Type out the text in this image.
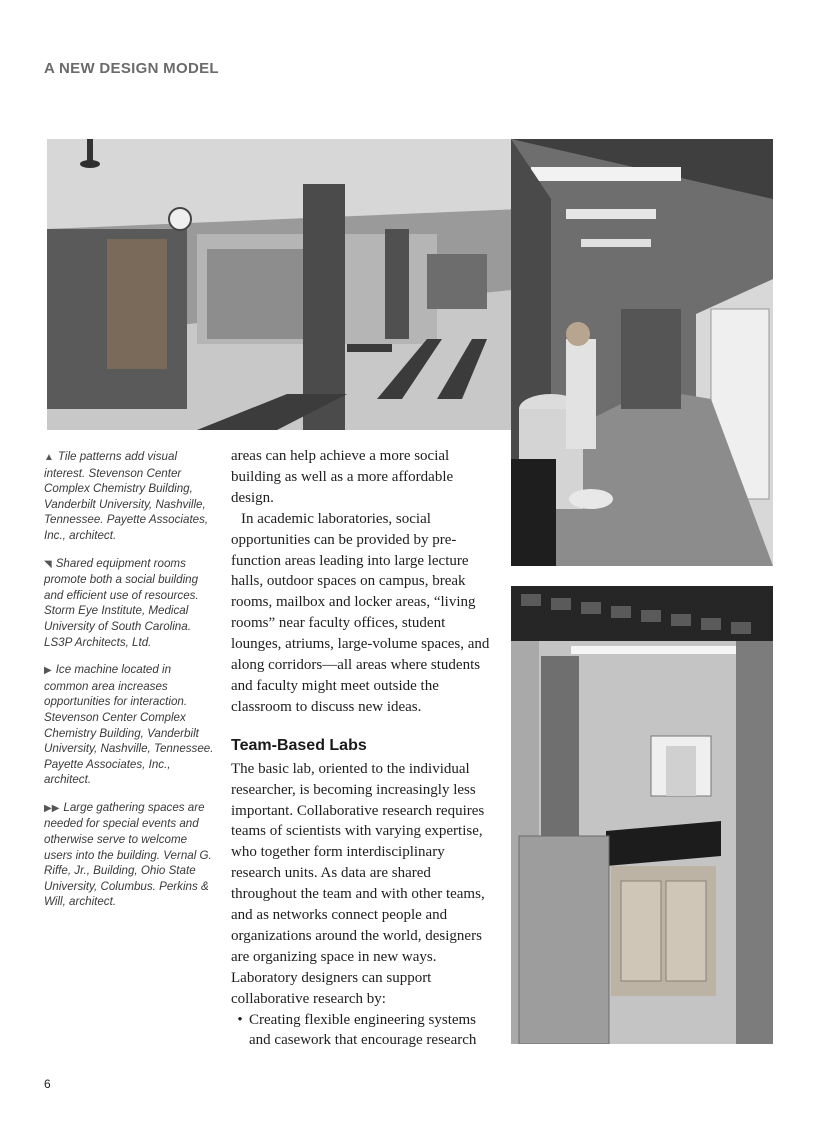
A NEW DESIGN MODEL

▲ Tile patterns add visual interest. Stevenson Center Complex Chemistry Building, Vanderbilt University, Nashville, Tennessee. Payette Associates, Inc., architect.

◥ Shared equipment rooms promote both a social building and efficient use of resources. Storm Eye Institute, Medical University of South Carolina. LS3P Architects, Ltd.

▶ Ice machine located in common area increases opportunities for interaction. Stevenson Center Complex Chemistry Building, Vanderbilt University, Nashville, Tennessee. Payette Associates, Inc., architect.

▶▶ Large gathering spaces are needed for special events and otherwise serve to welcome users into the building. Vernal G. Riffe, Jr., Building, Ohio State University, Columbus. Perkins & Will, architect.

areas can help achieve a more social building as well as a more affordable design.

In academic laboratories, social opportunities can be provided by pre-function areas leading into large lecture halls, outdoor spaces on campus, break rooms, mailbox and locker areas, “living rooms” near faculty offices, student lounges, atriums, large-volume spaces, and along corridors—all areas where students and faculty might meet outside the classroom to discuss new ideas.

Team-Based Labs

The basic lab, oriented to the individual researcher, is becoming increasingly less important. Collaborative research requires teams of scientists with varying expertise, who together form interdisciplinary research units. As data are shared throughout the team and with other teams, and as networks connect people and organizations around the world, designers are organizing space in new ways. Laboratory designers can support collaborative research by:

• Creating flexible engineering systems and casework that encourage research
6
